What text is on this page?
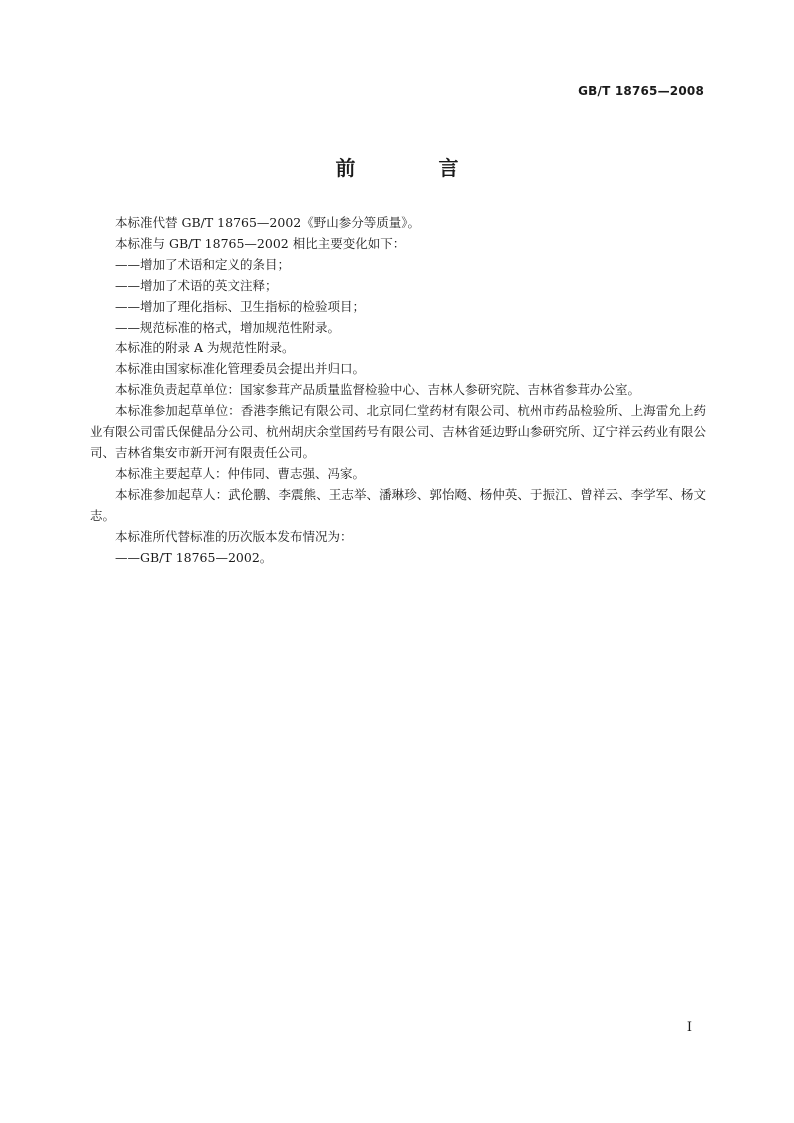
GB/T 18765—2008
前 言

本标准代替 GB/T 18765—2002《野山参分等质量》。

本标准与 GB/T 18765—2002 相比主要变化如下：

——增加了术语和定义的条目；

——增加了术语的英文注释；

——增加了理化指标、卫生指标的检验项目；

——规范标准的格式，增加规范性附录。

本标准的附录 A 为规范性附录。

本标准由国家标准化管理委员会提出并归口。

本标准负责起草单位：国家参茸产品质量监督检验中心、吉林人参研究院、吉林省参茸办公室。

本标准参加起草单位：香港李熊记有限公司、北京同仁堂药材有限公司、杭州市药品检验所、上海雷允上药业有限公司雷氏保健品分公司、杭州胡庆余堂国药号有限公司、吉林省延边野山参研究所、辽宁祥云药业有限公司、吉林省集安市新开河有限责任公司。

本标准主要起草人：仲伟同、曹志强、冯家。

本标准参加起草人：武伦鹏、李震熊、王志举、潘琳珍、郭怡飏、杨仲英、于振江、曾祥云、李学军、杨文志。

本标准所代替标准的历次版本发布情况为：

——GB/T 18765—2002。

I
